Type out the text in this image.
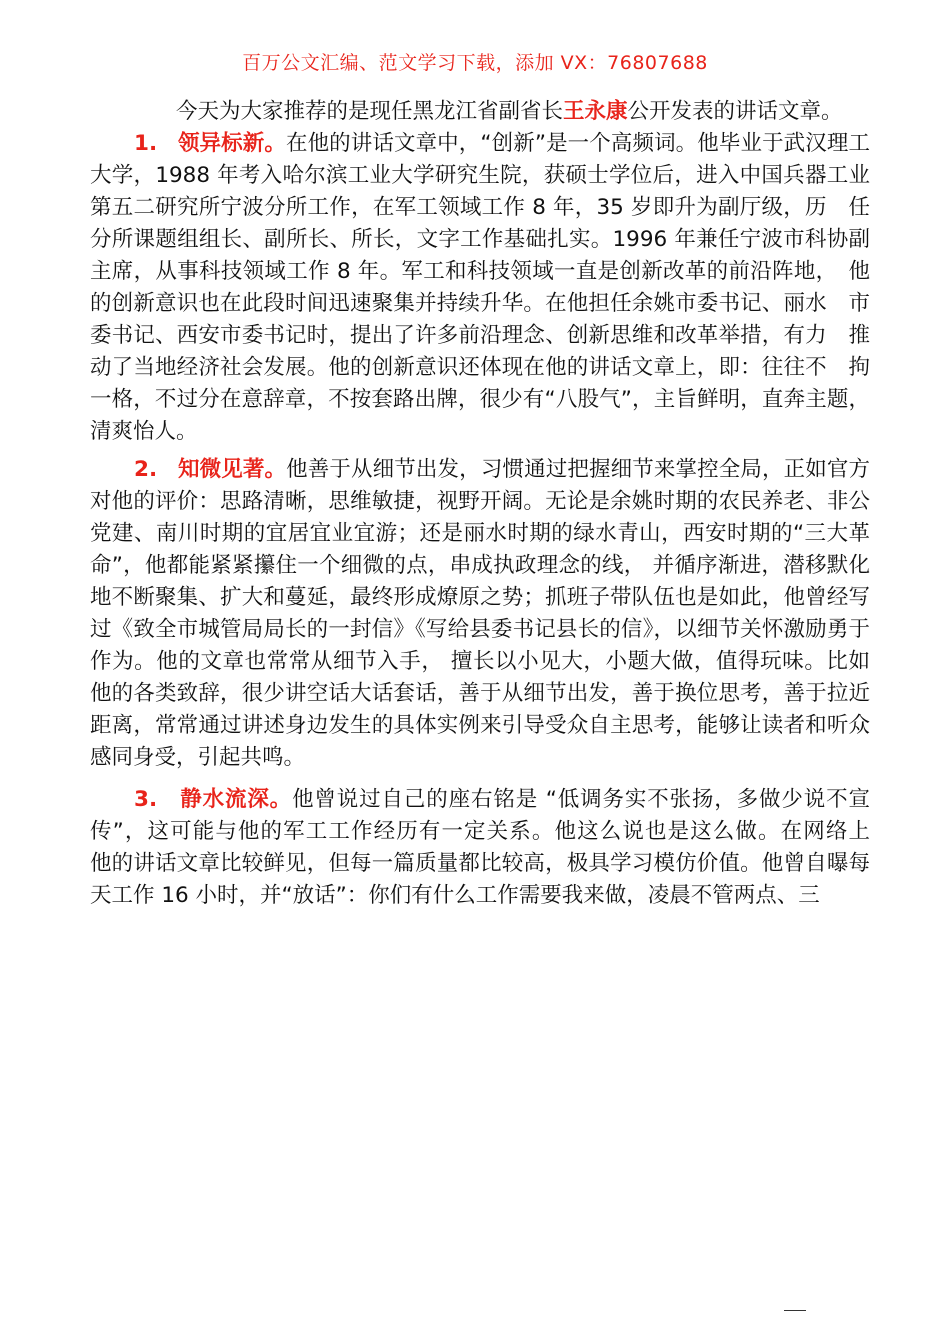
百万公文汇编、范文学习下载，添加 VX：76807688

今天为大家推荐的是现任黑龙江省副省长王永康公开发表的讲话文章。

1. 领异标新。在他的讲话文章中，“创新”是一个高频词。他毕业于武汉理工大学，1988 年考入哈尔滨工业大学研究生院，获硕士学位后，进入中国兵器工业第五二研究所宁波分所工作，在军工领域工作 8 年，35 岁即升为副厅级，历　任分所课题组组长、副所长、所长，文字工作基础扎实。1996 年兼任宁波市科协副主席，从事科技领域工作 8 年。军工和科技领域一直是创新改革的前沿阵地，　他的创新意识也在此段时间迅速聚集并持续升华。在他担任余姚市委书记、丽水　市委书记、西安市委书记时，提出了许多前沿理念、创新思维和改革举措，有力　推动了当地经济社会发展。他的创新意识还体现在他的讲话文章上，即：往往不　拘一格，不过分在意辞章，不按套路出牌，很少有“八股气”，主旨鲜明，直奔主题，清爽怡人。

2. 知微见著。他善于从细节出发，习惯通过把握细节来掌控全局，正如官方对他的评价：思路清晰，思维敏捷，视野开阔。无论是余姚时期的农民养老、非公党建、南川时期的宜居宜业宜游；还是丽水时期的绿水青山，西安时期的“三大革命”，他都能紧紧攥住一个细微的点，串成执政理念的线， 并循序渐进，潜移默化地不断聚集、扩大和蔓延，最终形成燎原之势；抓班子带队伍也是如此，他曾经写过《致全市城管局局长的一封信》《写给县委书记县长的信》，以细节关怀激励勇于作为。他的文章也常常从细节入手， 擅长以小见大，小题大做，值得玩味。比如他的各类致辞，很少讲空话大话套话，善于从细节出发，善于换位思考，善于拉近距离，常常通过讲述身边发生的具体实例来引导受众自主思考，能够让读者和听众感同身受，引起共鸣。

3. 静水流深。他曾说过自己的座右铭是 “低调务实不张扬，多做少说不宣　　传”，这可能与他的军工工作经历有一定关系。他这么说也是这么做。在网络上　他的讲话文章比较鲜见，但每一篇质量都比较高，极具学习模仿价值。他曾自曝每天工作 16 小时，并“放话”：你们有什么工作需要我来做，凌晨不管两点、三
